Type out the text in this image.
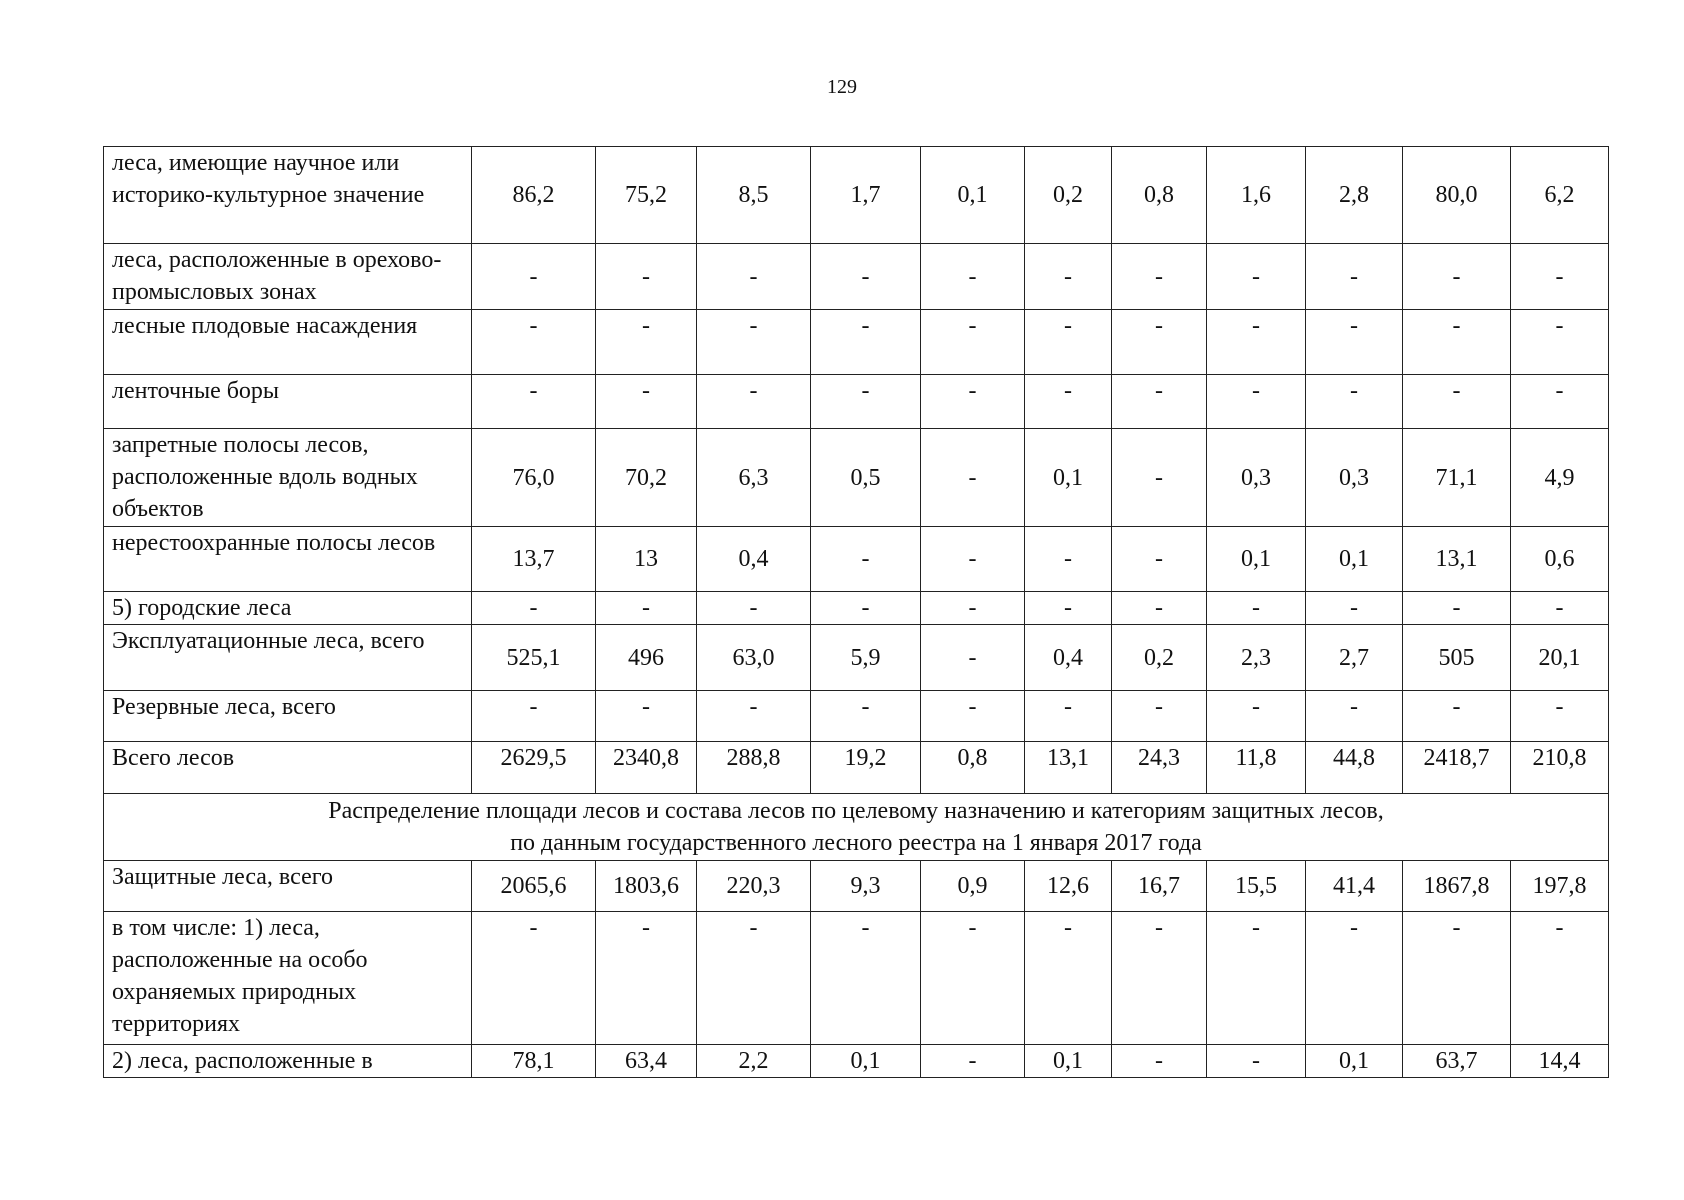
129
леса, имеющие научное или историко-культурное значение	86,2	75,2	8,5	1,7	0,1	0,2	0,8	1,6	2,8	80,0	6,2
леса, расположенные в орехово-промысловых зонах	-	-	-	-	-	-	-	-	-	-	-
лесные плодовые насаждения	-	-	-	-	-	-	-	-	-	-	-
ленточные боры	-	-	-	-	-	-	-	-	-	-	-
запретные полосы лесов, расположенные вдоль водных объектов	76,0	70,2	6,3	0,5	-	0,1	-	0,3	0,3	71,1	4,9
нерестоохранные полосы лесов	13,7	13	0,4	-	-	-	-	0,1	0,1	13,1	0,6
5) городские леса	-	-	-	-	-	-	-	-	-	-	-
Эксплуатационные леса, всего	525,1	496	63,0	5,9	-	0,4	0,2	2,3	2,7	505	20,1
Резервные леса, всего	-	-	-	-	-	-	-	-	-	-	-
Всего лесов	2629,5	2340,8	288,8	19,2	0,8	13,1	24,3	11,8	44,8	2418,7	210,8

Распределение площади лесов и состава лесов по целевому назначению и категориям защитных лесов,
по данным государственного лесного реестра на 1 января 2017 года											

Защитные леса, всего	2065,6	1803,6	220,3	9,3	0,9	12,6	16,7	15,5	41,4	1867,8	197,8
в том числе: 1) леса, расположенные на особо охраняемых природных территориях	-	-	-	-	-	-	-	-	-	-	-
2) леса, расположенные в	78,1	63,4	2,2	0,1	-	0,1	-	-	0,1	63,7	14,4
